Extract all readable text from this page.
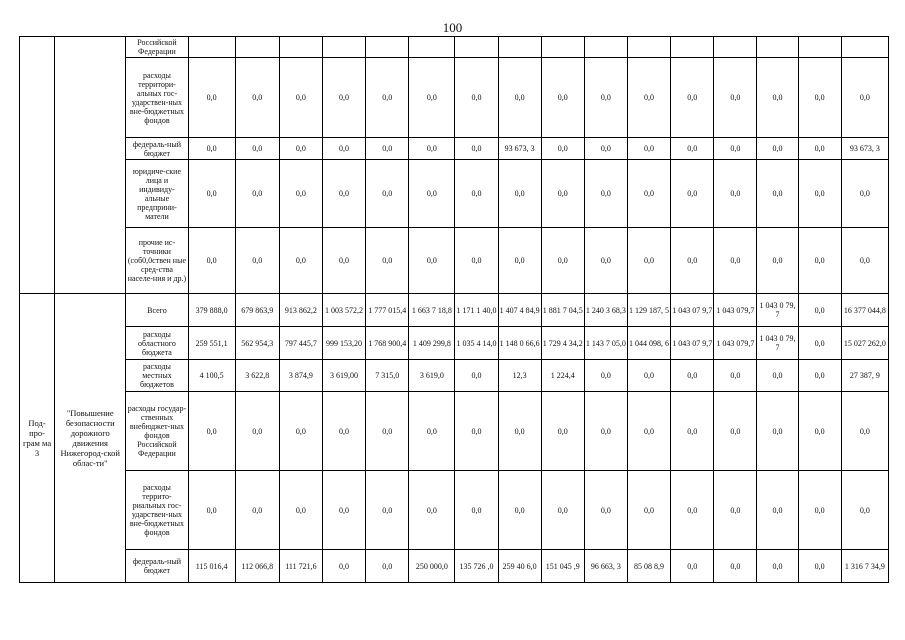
100
		Российской Федерации																
		расходы территори-альных гос-ударствен-ных вне-бюджетных фондов	0,0	0,0	0,0	0,0	0,0	0,0	0,0	0,0	0,0	0,0	0,0	0,0	0,0	0,0	0,0	0,0
		федераль-ный бюджет	0,0	0,0	0,0	0,0	0,0	0,0	0,0	93 673, 3	0,0	0,0	0,0	0,0	0,0	0,0	0,0	93 673, 3
		юридиче-ские лица и индивиду-альные предприни-матели	0,0	0,0	0,0	0,0	0,0	0,0	0,0	0,0	0,0	0,0	0,0	0,0	0,0	0,0	0,0	0,0
		прочие ис-точники (соб0,0ствен ные сред-ства населе-ния и др.)	0,0	0,0	0,0	0,0	0,0	0,0	0,0	0,0	0,0	0,0	0,0	0,0	0,0	0,0	0,0	0,0
Под-про-грам ма 3	"Повышение безопасности дорожного движения Нижегород-ской облас-ти"	Всего	379 888,0	679 863,9	913 862,2	1 003 572,2	1 777 015,4	1 663 7 18,8	1 171 1 40,0	1 407 4 84,9	1 881 7 04,5	1 240 3 68,3	1 129 187, 5	1 043 07 9,7	1 043 079,7	1 043 0 79,7	0,0	16 377 044,8
		расходы областного бюджета	259 551,1	562 954,3	797 445,7	999 153,20	1 768 900,4	1 409 299,8	1 035 4 14,0	1 148 0 66,6	1 729 4 34,2	1 143 7 05,0	1 044 098, 6	1 043 07 9,7	1 043 079,7	1 043 0 79,7	0,0	15 027 262,0
		расходы местных бюджетов	4 100,5	3 622,8	3 874,9	3 619,00	7 315,0	3 619,0	0,0	12,3	1 224,4	0,0	0,0	0,0	0,0	0,0	0,0	27 387, 9
		расходы государ-ственных внебюджет-ных фондов Российской Федерации	0,0	0,0	0,0	0,0	0,0	0,0	0,0	0,0	0,0	0,0	0,0	0,0	0,0	0,0	0,0	0,0
		расходы террито-риальных гос-ударствен-ных вне-бюджетных фондов	0,0	0,0	0,0	0,0	0,0	0,0	0,0	0,0	0,0	0,0	0,0	0,0	0,0	0,0	0,0	0,0
		федераль-ный бюджет	115 016,4	112 066,8	111 721,6	0,0	0,0	250 000,0	135 726 ,0	259 40 6,0	151 045 ,9	96 663, 3	85 08 8,9	0,0	0,0	0,0	0,0	1 316 7 34,9
